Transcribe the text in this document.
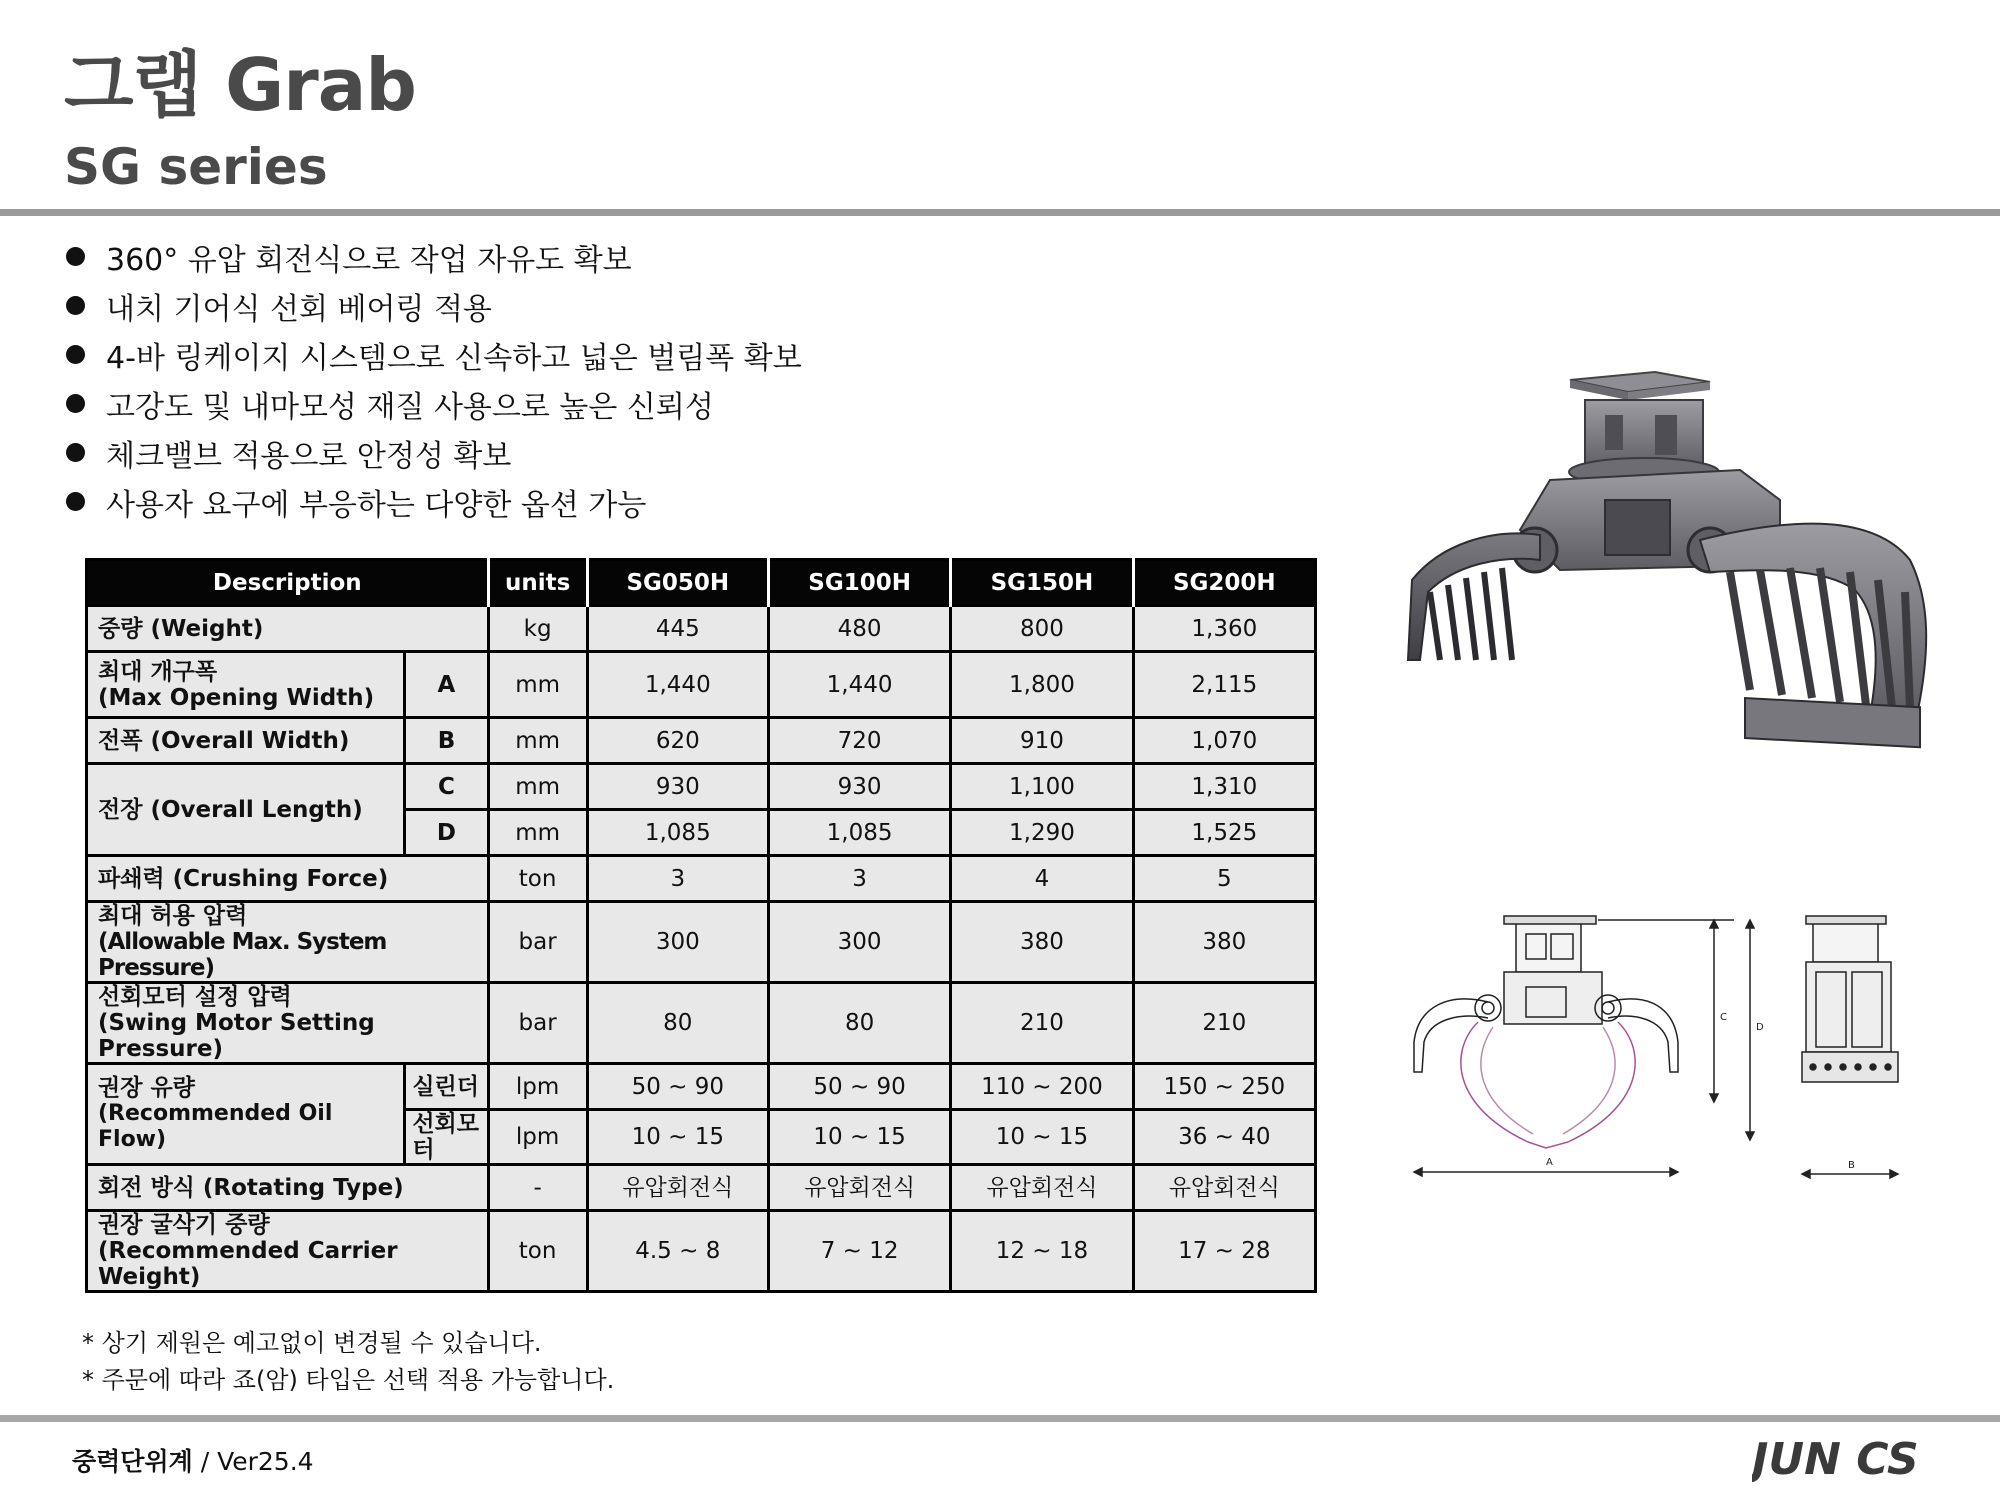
그랩 Grab
SG series
360° 유압 회전식으로 작업 자유도 확보
내치 기어식 선회 베어링 적용
4-바 링케이지 시스템으로 신속하고 넓은 벌림폭 확보
고강도 및 내마모성 재질 사용으로 높은 신뢰성
체크밸브 적용으로 안정성 확보
사용자 요구에 부응하는 다양한 옵션 가능
Description		units	SG050H	SG100H	SG150H	SG200H
중량 (Weight)		kg	445	480	800	1,360

최대 개구폭
(Max Opening Width)	A	mm	1,440	1,440	1,800	2,115
전폭 (Overall Width)	B	mm	620	720	910	1,070
전장 (Overall Length)	C	mm	930	930	1,100	1,310
	D	mm	1,085	1,085	1,290	1,525
파쇄력 (Crushing Force)		ton	3	3	4	5

최대 허용 압력
(Allowable Max. System Pressure)		bar	300	300	380	380

선회모터 설정 압력
(Swing Motor Setting Pressure)		bar	80	80	210	210

권장 유량
(Recommended Oil Flow)	실린더	lpm	50 ~ 90	50 ~ 90	110 ~ 200	150 ~ 250
	선회모터	lpm	10 ~ 15	10 ~ 15	10 ~ 15	36 ~ 40
회전 방식 (Rotating Type)		-	유압회전식	유압회전식	유압회전식	유압회전식

권장 굴삭기 중량
(Recommended Carrier Weight)		ton	4.5 ~ 8	7 ~ 12	12 ~ 18	17 ~ 28
* 상기 제원은 예고없이 변경될 수 있습니다.
* 주문에 따라 죠(암) 타입은 선택 적용 가능합니다.
A	B
C
D
중력단위계 / Ver25.4	JUN CS
